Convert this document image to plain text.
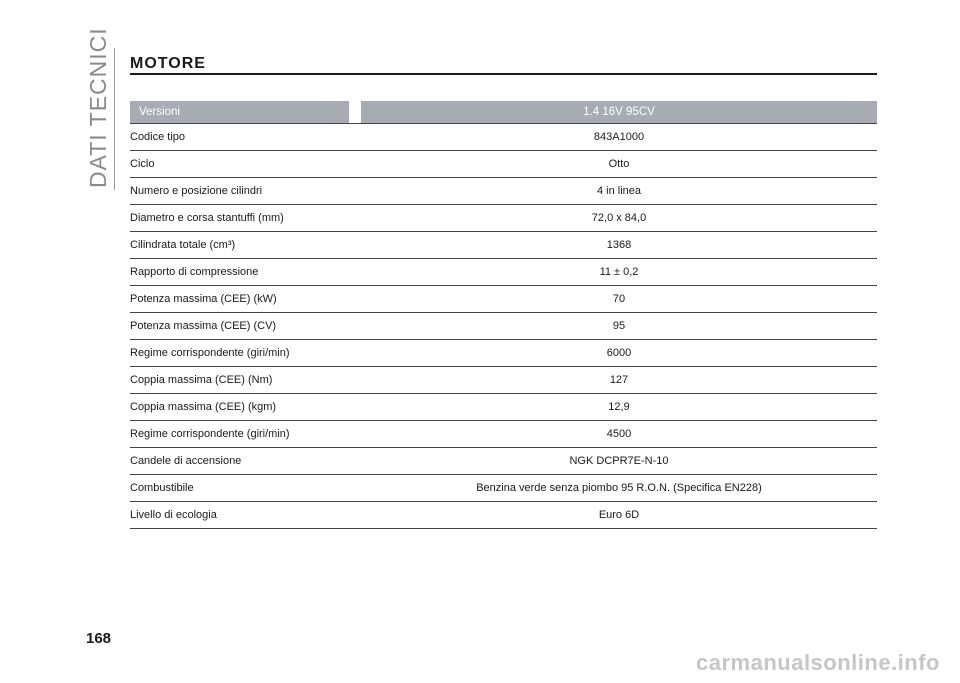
DATI TECNICI MOTORE
Versioni	1.4 16V 95CV
Codice tipo	843A1000
Ciclo	Otto
Numero e posizione cilindri	4 in linea
Diametro e corsa stantuffi (mm)	72,0 x 84,0
Cilindrata totale (cm³)	1368
Rapporto di compressione	11 ± 0,2
Potenza massima (CEE) (kW)	70
Potenza massima (CEE) (CV)	95
Regime corrispondente (giri/min)	6000
Coppia massima (CEE) (Nm)	127
Coppia massima (CEE) (kgm)	12,9
Regime corrispondente (giri/min)	4500
Candele di accensione	NGK DCPR7E-N-10
Combustibile	Benzina verde senza piombo 95 R.O.N. (Specifica EN228)
Livello di ecologia	Euro 6D
168
carmanualsonline.info
